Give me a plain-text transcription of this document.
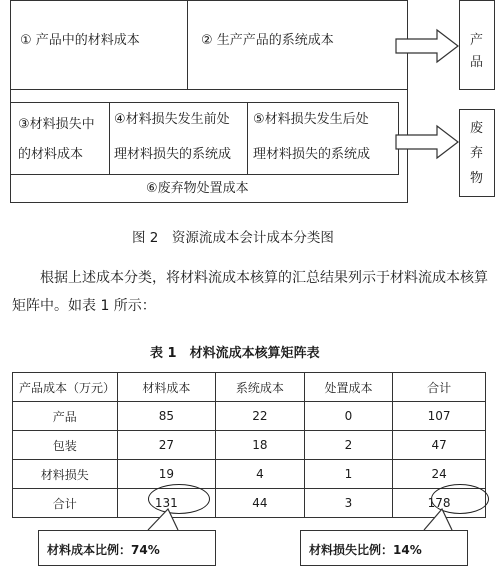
① 产品中的材料成本	② 生产产品的系统成本
③材料损失中
的材料成本
④材料损失发生前处
理材料损失的系统成
⑤材料损失发生后处
理材料损失的系统成
⑥废弃物处置成本
产
品
废
弃
物
图 2　资源流成本会计成本分类图
根据上述成本分类，将材料流成本核算的汇总结果列示于材料流成本核算矩阵中。如表 1 所示：
表 1　材料流成本核算矩阵表
产品成本（万元）	材料成本	系统成本	处置成本	合计
产品	85	22	0	107
包装	27	18	2	47
材料损失	19	4	1	24
合计	131	44	3	178
材料成本比例：74%	材料损失比例：14%
